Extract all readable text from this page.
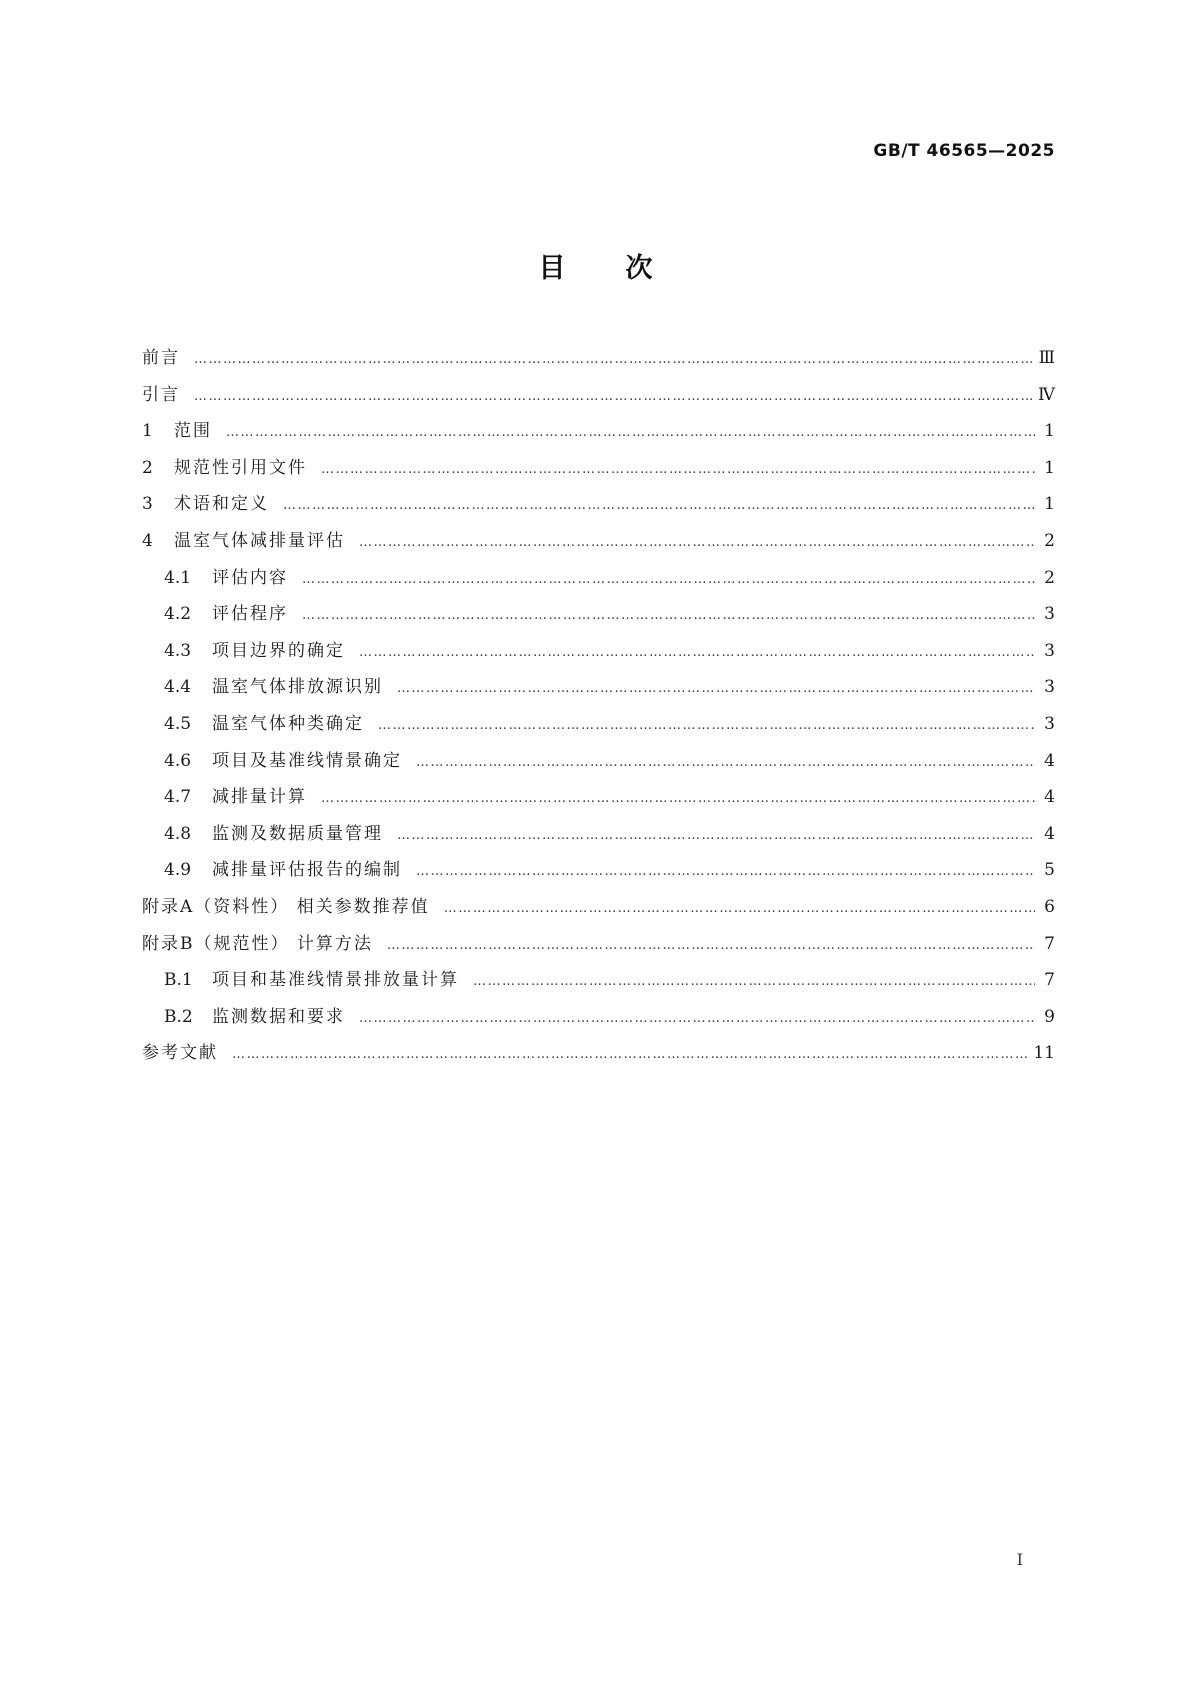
GB/T 46565—2025
目次
前言 …………………………………………………………………………………………………………………………………………………………………………………………………………	Ⅲ
引言 …………………………………………………………………………………………………………………………………………………………………………………………………………	Ⅳ
1	范围 …………………………………………………………………………………………………………………………………………………………………………………………………………	1
2	规范性引用文件 …………………………………………………………………………………………………………………………………………………………………………………………………………	1
3	术语和定义 …………………………………………………………………………………………………………………………………………………………………………………………………………	1
4	温室气体减排量评估 …………………………………………………………………………………………………………………………………………………………………………………………………………	2
4.1	评估内容 …………………………………………………………………………………………………………………………………………………………………………………………………………	2
4.2	评估程序 …………………………………………………………………………………………………………………………………………………………………………………………………………	3
4.3	项目边界的确定 …………………………………………………………………………………………………………………………………………………………………………………………………………	3
4.4	温室气体排放源识别 …………………………………………………………………………………………………………………………………………………………………………………………………………	3
4.5	温室气体种类确定 …………………………………………………………………………………………………………………………………………………………………………………………………………	3
4.6	项目及基准线情景确定 …………………………………………………………………………………………………………………………………………………………………………………………………………	4
4.7	减排量计算 …………………………………………………………………………………………………………………………………………………………………………………………………………	4
4.8	监测及数据质量管理 …………………………………………………………………………………………………………………………………………………………………………………………………………	4
4.9	减排量评估报告的编制 …………………………………………………………………………………………………………………………………………………………………………………………………………	5
附录A（资料性） 相关参数推荐值 …………………………………………………………………………………………………………………………………………………………………………………………………………	6
附录B（规范性） 计算方法 …………………………………………………………………………………………………………………………………………………………………………………………………………	7
B.1	项目和基准线情景排放量计算 …………………………………………………………………………………………………………………………………………………………………………………………………………	7
B.2	监测数据和要求 …………………………………………………………………………………………………………………………………………………………………………………………………………	9
参考文献 …………………………………………………………………………………………………………………………………………………………………………………………………………	11
I
